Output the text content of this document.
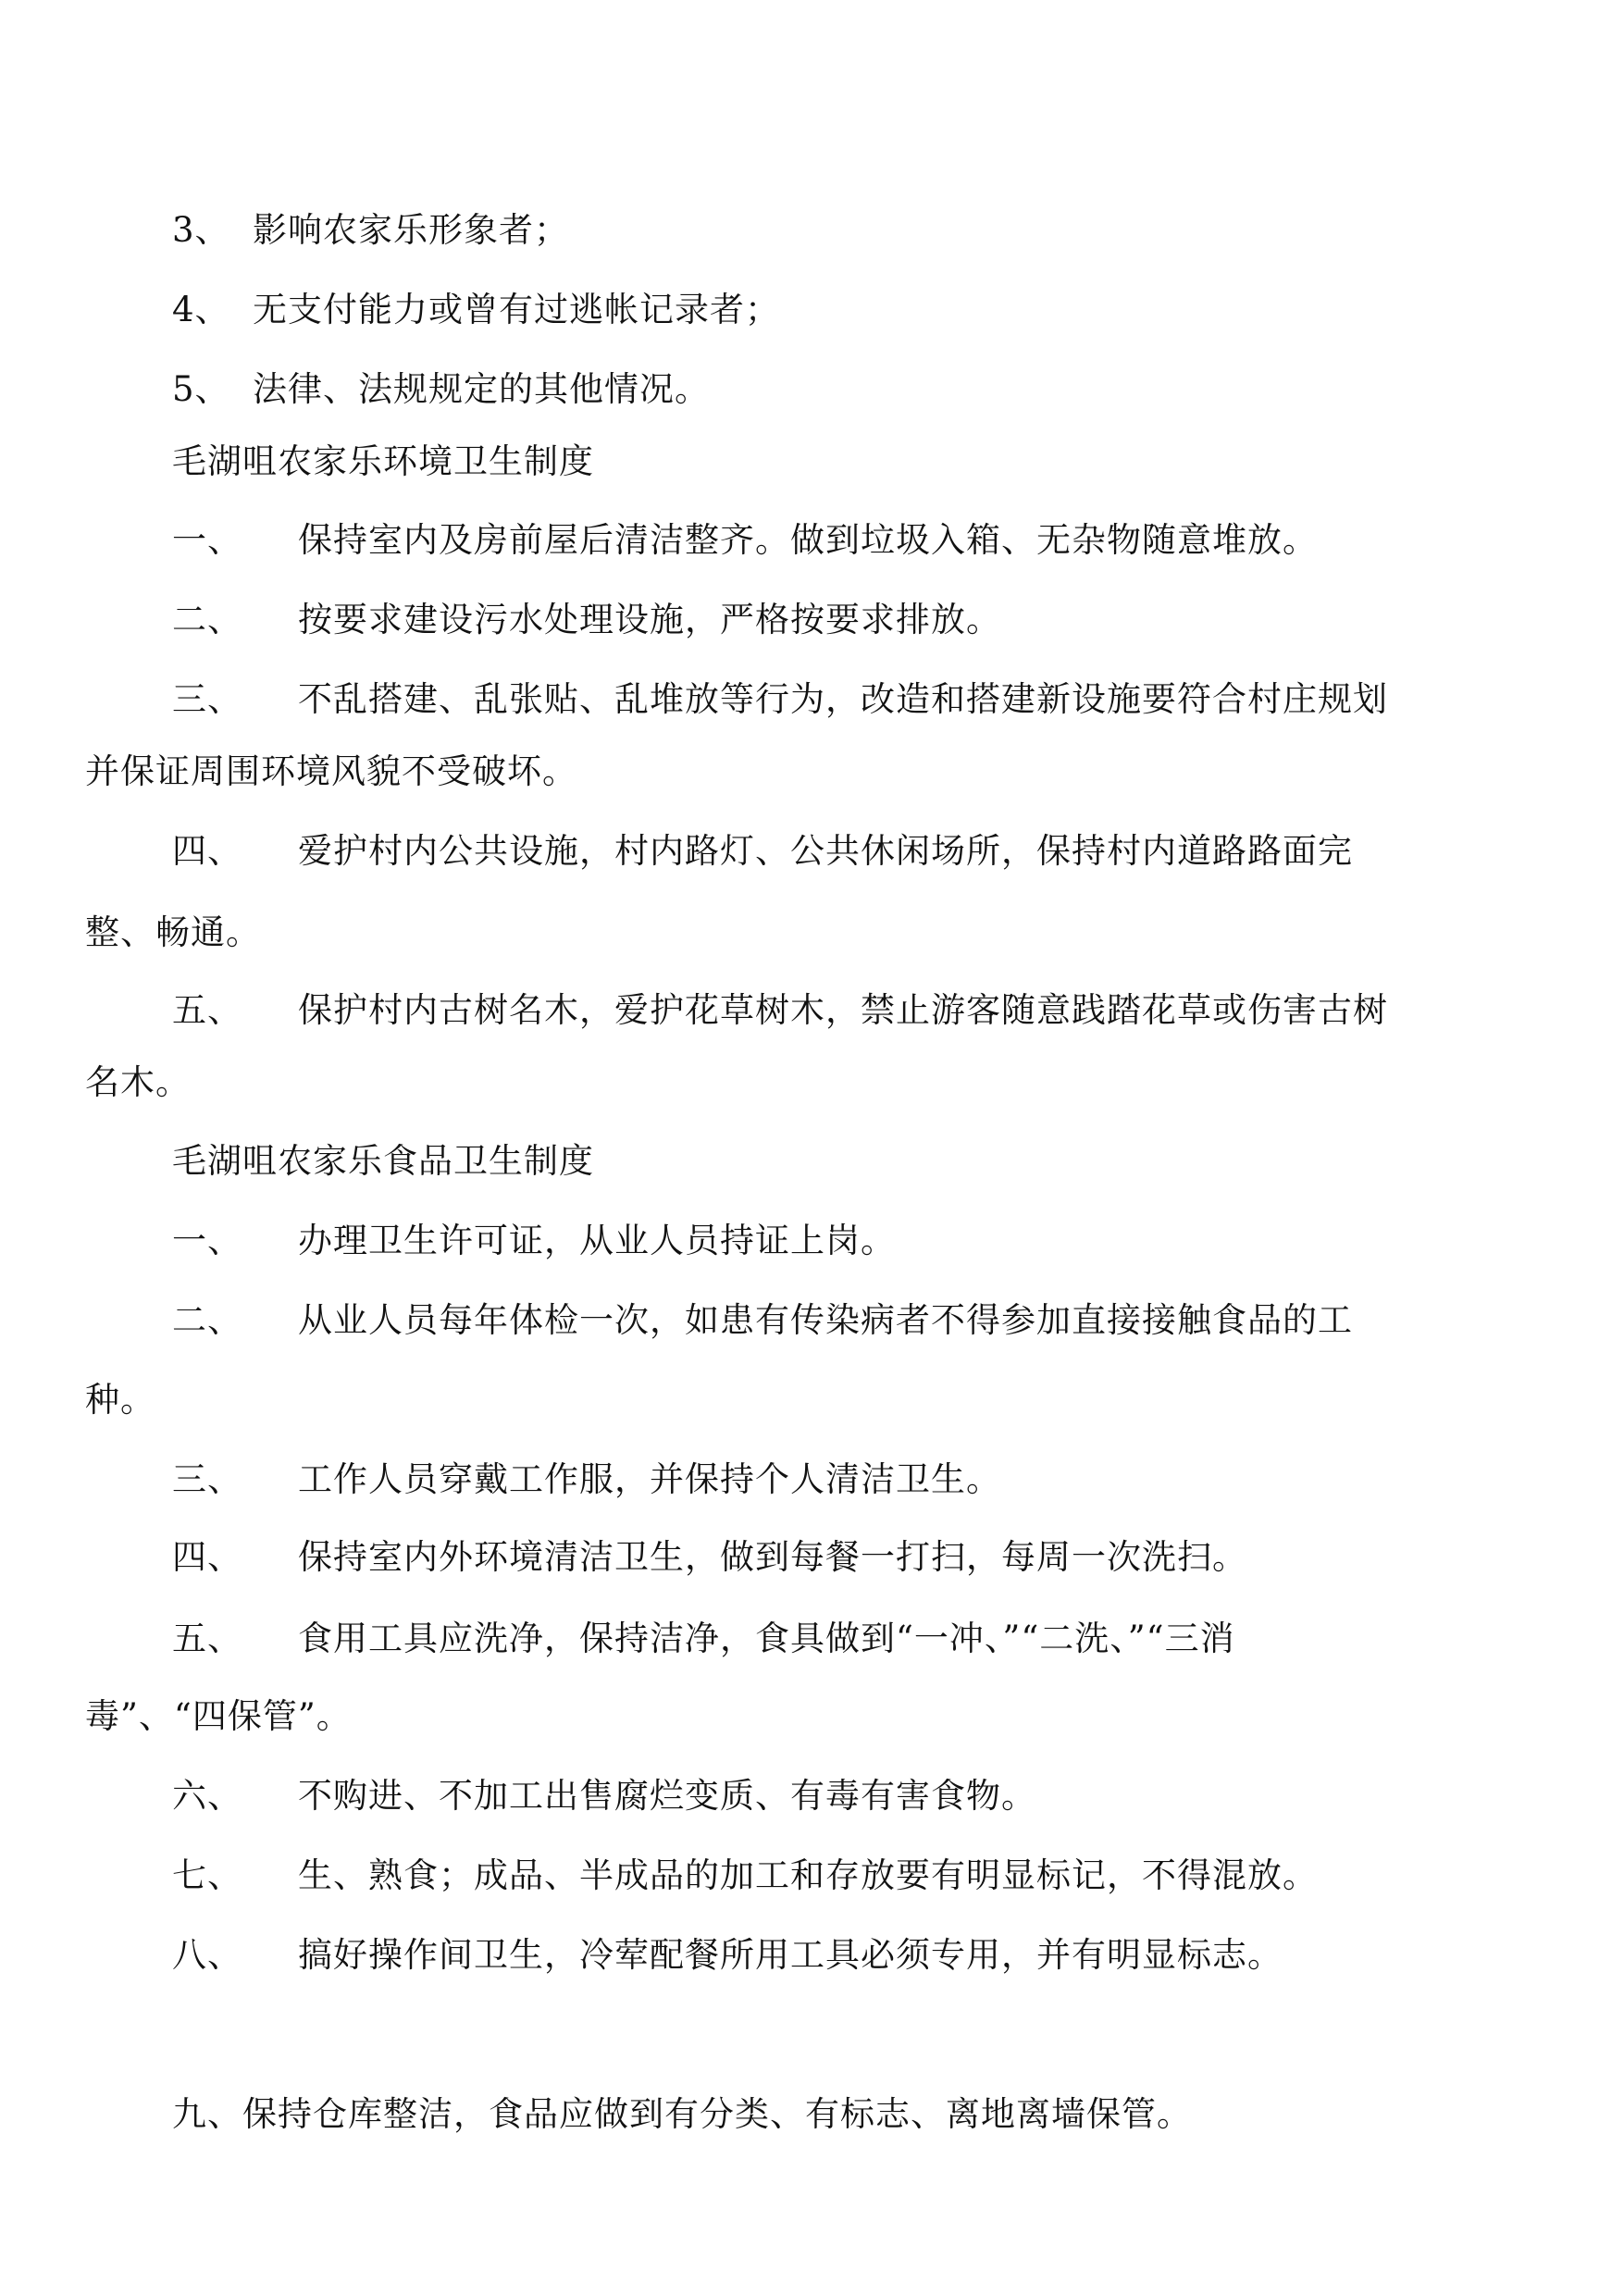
3、 影响农家乐形象者；
4、 无支付能力或曾有过逃帐记录者；
5、 法律、法规规定的其他情况。
毛湖咀农家乐环境卫生制度
一、 保持室内及房前屋后清洁整齐。做到垃圾入箱、无杂物随意堆放。
二、 按要求建设污水处理设施，严格按要求排放。
三、 不乱搭建、乱张贴、乱堆放等行为，改造和搭建新设施要符合村庄规划
并保证周围环境风貌不受破坏。
四、 爱护村内公共设施，村内路灯、公共休闲场所，保持村内道路路面完
整、畅通。
五、 保护村内古树名木，爱护花草树木，禁止游客随意践踏花草或伤害古树
名木。
毛湖咀农家乐食品卫生制度
一、 办理卫生许可证，从业人员持证上岗。
二、 从业人员每年体检一次，如患有传染病者不得参加直接接触食品的工
种。
三、 工作人员穿戴工作服，并保持个人清洁卫生。
四、 保持室内外环境清洁卫生，做到每餐一打扫，每周一次洗扫。
五、 食用工具应洗净，保持洁净，食具做到“一冲、”“二洗、”“三消
毒”、“四保管”。
六、 不购进、不加工出售腐烂变质、有毒有害食物。
七、 生、熟食；成品、半成品的加工和存放要有明显标记，不得混放。
八、 搞好操作间卫生，冷荤配餐所用工具必须专用，并有明显标志。
九、保持仓库整洁，食品应做到有分类、有标志、离地离墙保管。
